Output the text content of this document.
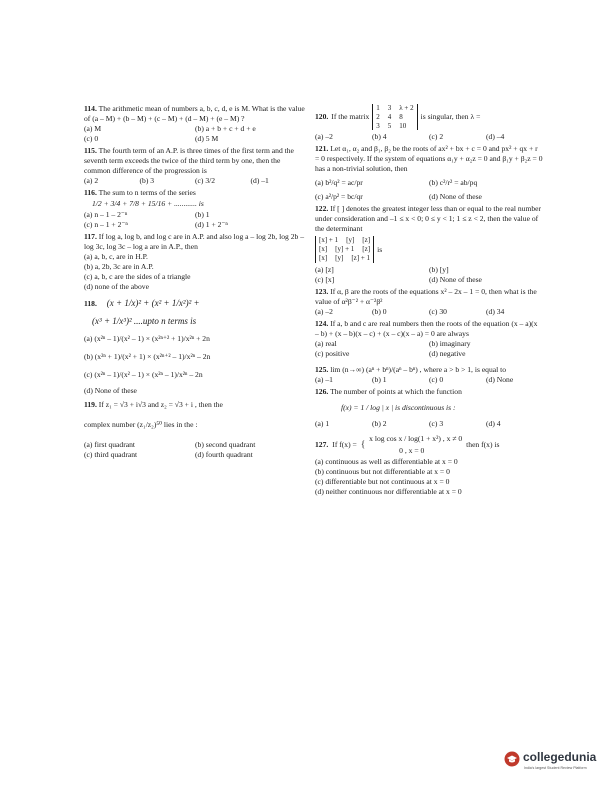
114. The arithmetic mean of numbers a, b, c, d, e is M. What is the value of (a – M) + (b – M) + (c – M) + (d – M) + (e – M) ?
(a) M	(b) a + b + c + d + e
(c) 0	(d) 5 M
115. The fourth term of an A.P. is three times of the first term and the seventh term exceeds the twice of the third term by one, then the common difference of the progression is
(a) 2	(b) 3	(c) 3/2	(d) –1
116. The sum to n terms of the series
1/2 + 3/4 + 7/8 + 15/16 + ............ is
(a) n – 1 – 2⁻ⁿ	(b) 1
(c) n – 1 + 2⁻ⁿ	(d) 1 + 2⁻ⁿ
117. If log a, log b, and log c are in A.P. and also log a – log 2b, log 2b – log 3c, log 3c – log a are in A.P., then
(a) a, b, c, are in H.P.
(b) a, 2b, 3c are in A.P.
(c) a, b, c are the sides of a triangle
(d) none of the above
118. (x + 1/x)² + (x² + 1/x²)² +
(x³ + 1/x³)² ....upto n terms is
(a) (x²ⁿ – 1)/(x² – 1) × (x²ⁿ⁺² + 1)/x²ⁿ + 2n
(b) (x²ⁿ + 1)/(x² + 1) × (x²ⁿ⁺² – 1)/x²ⁿ – 2n
(c) (x²ⁿ – 1)/(x² – 1) × (x²ⁿ – 1)/x²ⁿ – 2n
(d) None of these
119. If z₁ = √3 + i√3 and z₂ = √3 + i , then the
complex number (z₁/z₂)⁵⁰ lies in the :
(a) first quadrant	(b) second quadrant
(c) third quadrant	(d) fourth quadrant
120. If the matrix
1 3 λ + 2
2 4 8
3 5 10
is singular, then λ =
(a) –2	(b) 4	(c) 2	(d) –4
121. Let α₁, α₂ and β₁, β₂ be the roots of ax² + bx + c = 0 and px² + qx + r = 0 respectively. If the system of equations α₁y + α₂z = 0 and β₁y + β₂z = 0 has a non-trivial solution, then
(a) b²/q² = ac/pr	(b) c²/r² = ab/pq
(c) a²/p² = bc/qr	(d) None of these
122. If [ ] denotes the greatest integer less than or equal to the real number under consideration and –1 ≤ x < 0; 0 ≤ y < 1; 1 ≤ z < 2, then the value of the determinant
[x] + 1 [y] [z]
[x] [y] + 1 [z]
[x] [y] [z] + 1
is
(a) [z]	(b) [y]
(c) [x]	(d) None of these
123. If α, β are the roots of the equations x² – 2x – 1 = 0, then what is the value of α²β⁻² + α⁻²β²
(a) –2	(b) 0	(c) 30	(d) 34
124. If a, b and c are real numbers then the roots of the equation (x – a)(x – b) + (x – b)(x – c) + (x – c)(x – a) = 0 are always
(a) real	(b) imaginary
(c) positive	(d) negative
125. lim (n→∞) (aⁿ + bⁿ)/(aⁿ – bⁿ) , where a > b > 1, is equal to
(a) –1	(b) 1	(c) 0	(d) None
126. The number of points at which the function
f(x) = 1 / log | x | is discontinuous is :
(a) 1	(b) 2	(c) 3	(d) 4
127. If f(x) = {
x log cos x / log(1 + x²) , x ≠ 0
0 , x = 0
then f(x) is
(a) continuous as well as differentiable at x = 0
(b) continuous but not differentiable at x = 0
(c) differentiable but not continuous at x = 0
(d) neither continuous nor differentiable at x = 0
collegedunia
India's largest Student Review Platform
